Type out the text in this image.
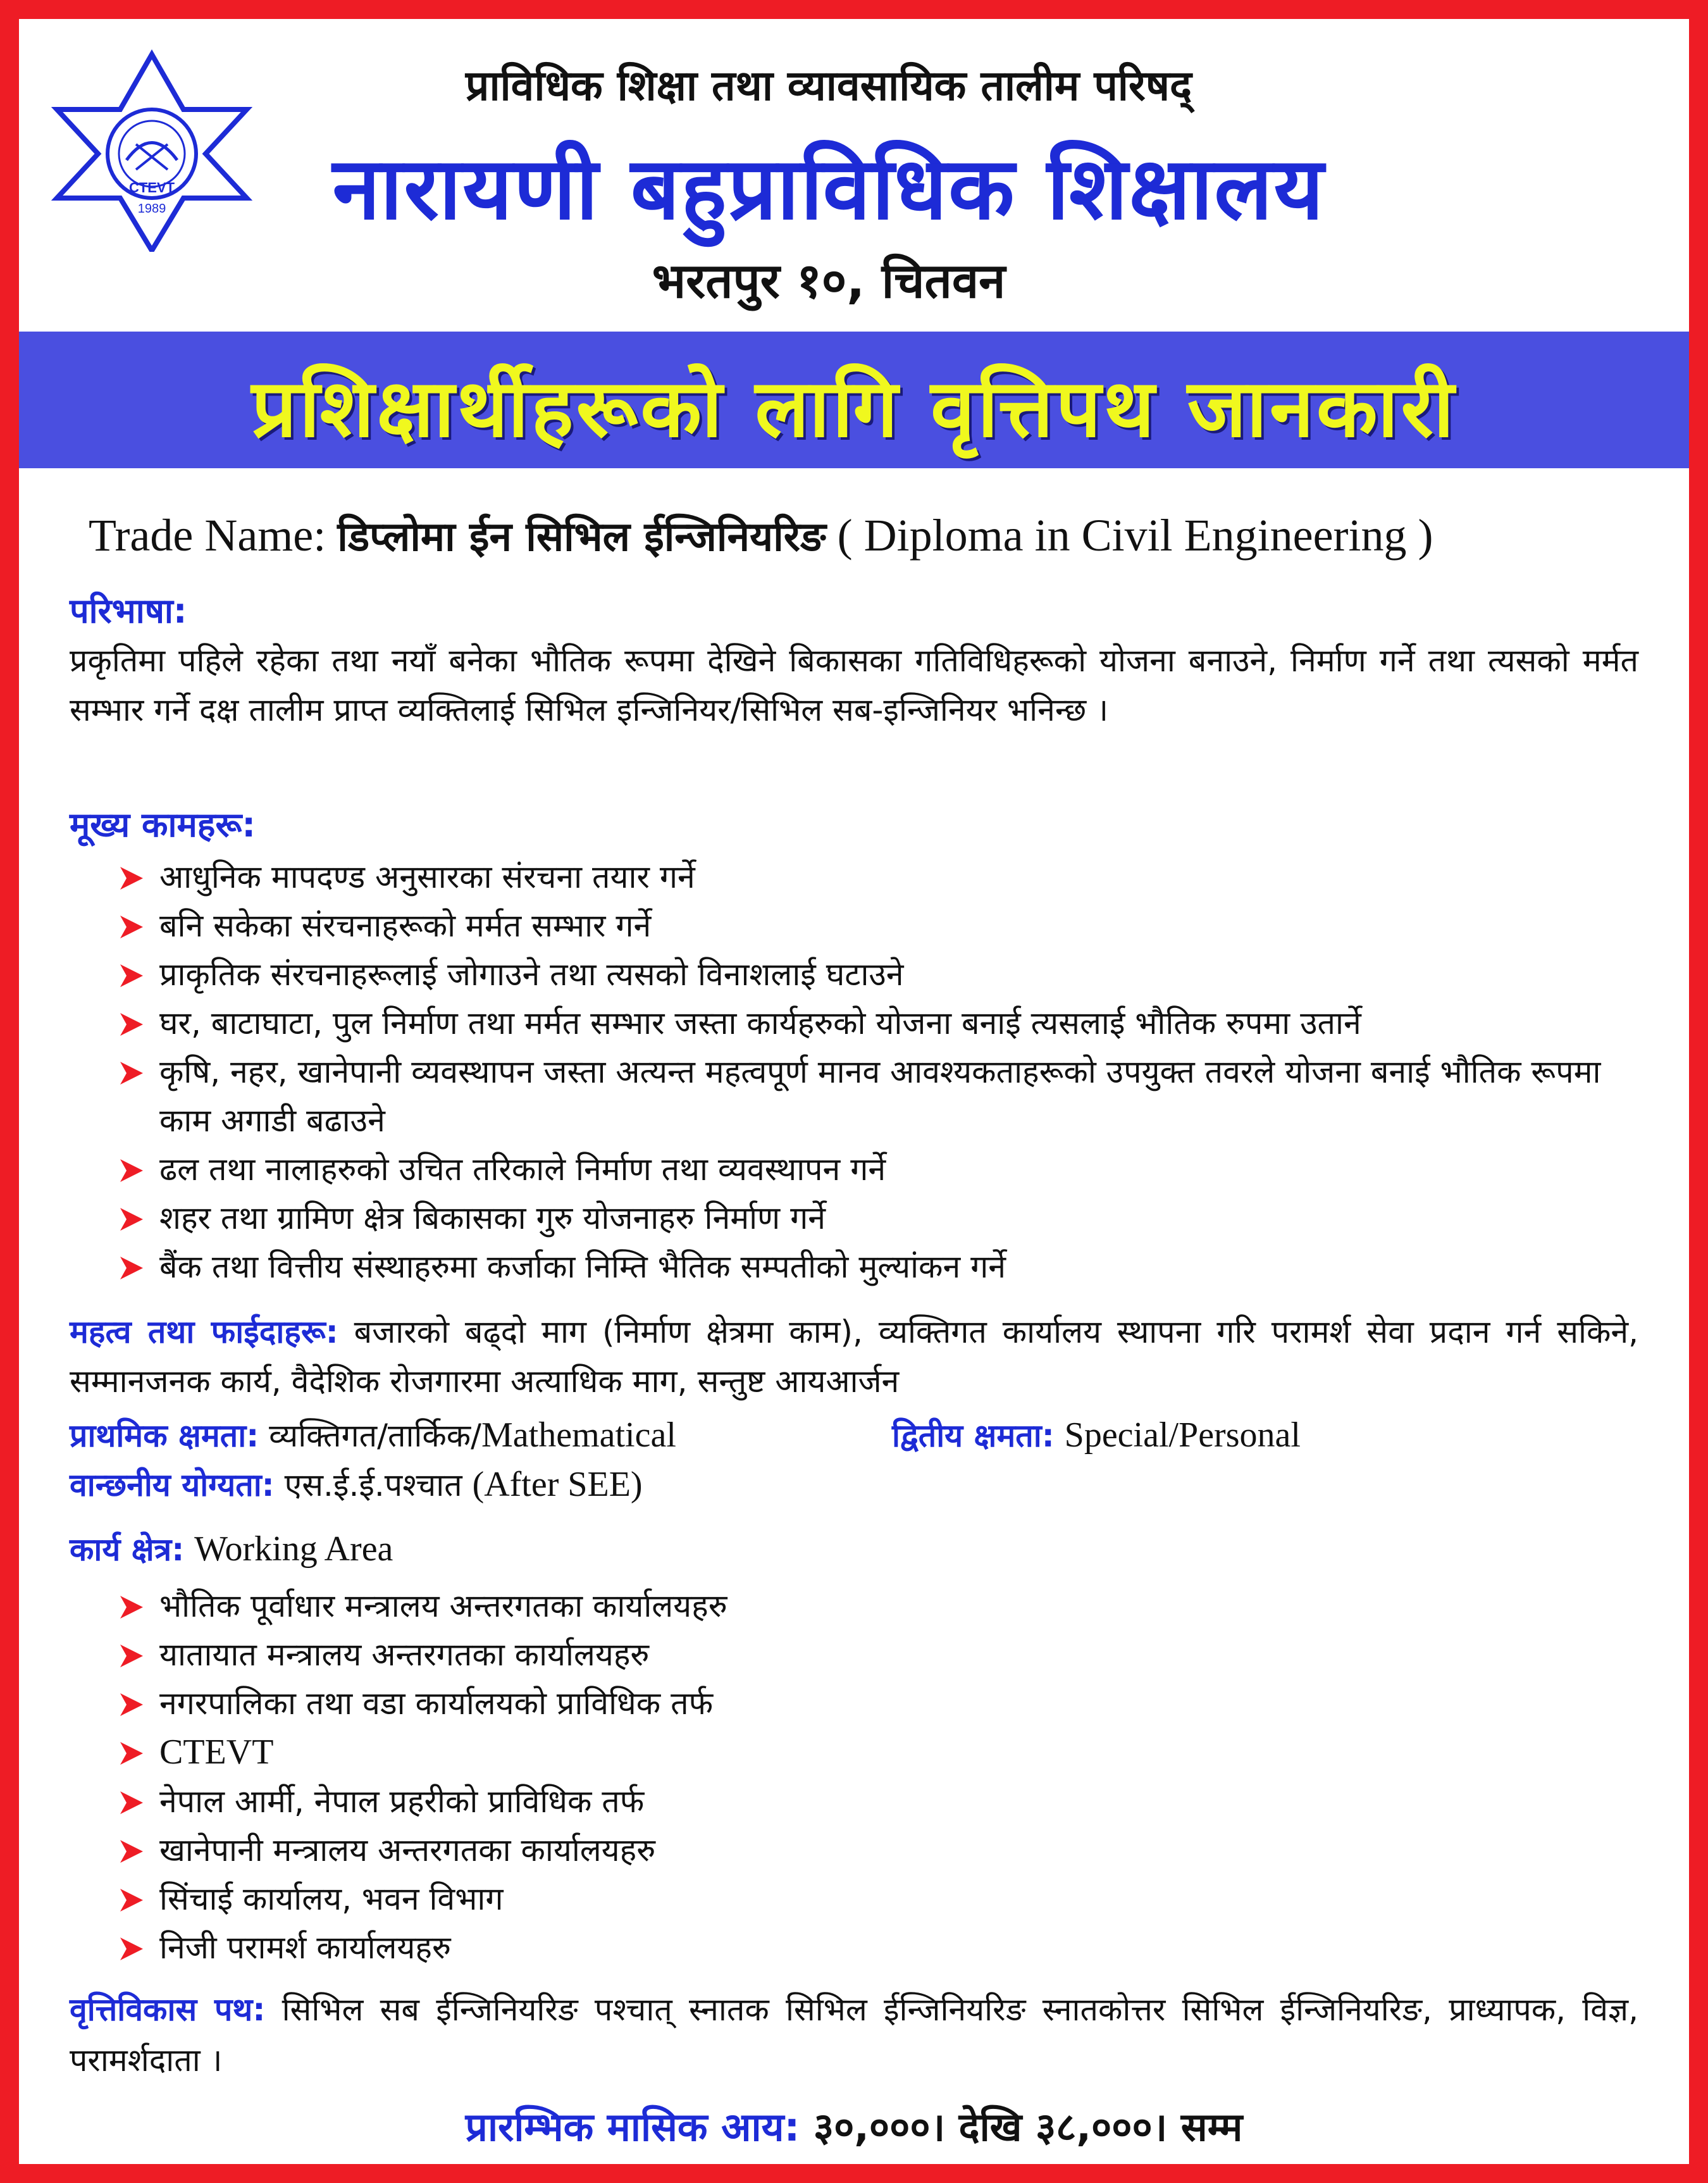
CTEVT
1989
प्राविधिक शिक्षा तथा व्यावसायिक तालीम परिषद्
नारायणी बहुप्राविधिक शिक्षालय
भरतपुर १०, चितवन
प्रशिक्षार्थीहरूको लागि वृत्तिपथ जानकारी
Trade Name: डिप्लोमा ईन सिभिल ईन्जिनियरिङ ( Diploma in Civil Engineering )
परिभाषा:
प्रकृतिमा पहिले रहेका तथा नयाँ बनेका भौतिक रूपमा देखिने बिकासका गतिविधिहरूको योजना बनाउने, निर्माण गर्ने तथा त्यसको मर्मत सम्भार गर्ने दक्ष तालीम प्राप्त व्यक्तिलाई सिभिल इन्जिनियर/सिभिल सब-इन्जिनियर भनिन्छ ।
मूख्य कामहरू:
आधुनिक मापदण्ड अनुसारका संरचना तयार गर्ने
बनि सकेका संरचनाहरूको मर्मत सम्भार गर्ने
प्राकृतिक संरचनाहरूलाई जोगाउने तथा त्यसको विनाशलाई घटाउने
घर, बाटाघाटा, पुल निर्माण तथा मर्मत सम्भार जस्ता कार्यहरुको योजना बनाई त्यसलाई भौतिक रुपमा उतार्ने
कृषि, नहर, खानेपानी व्यवस्थापन जस्ता अत्यन्त महत्वपूर्ण मानव आवश्यकताहरूको उपयुक्त तवरले योजना बनाई भौतिक रूपमा काम अगाडी बढाउने
ढल तथा नालाहरुको उचित तरिकाले निर्माण तथा व्यवस्थापन गर्ने
शहर तथा ग्रामिण क्षेत्र बिकासका गुरु योजनाहरु निर्माण गर्ने
बैंक तथा वित्तीय संस्थाहरुमा कर्जाका निम्ति भैतिक सम्पतीको मुल्यांकन गर्ने
महत्व तथा फाईदाहरू: बजारको बढ्दो माग (निर्माण क्षेत्रमा काम), व्यक्तिगत कार्यालय स्थापना गरि परामर्श सेवा प्रदान गर्न सकिने, सम्मानजनक कार्य, वैदेशिक रोजगारमा अत्याधिक माग, सन्तुष्ट आयआर्जन
प्राथमिक क्षमता: व्यक्तिगत/तार्किक/Mathematical	द्वितीय क्षमता: Special/Personal
वान्छनीय योग्यता: एस.ई.ई.पश्चात (After SEE)
कार्य क्षेत्र: Working Area
भौतिक पूर्वाधार मन्त्रालय अन्तरगतका कार्यालयहरु
यातायात मन्त्रालय अन्तरगतका कार्यालयहरु
नगरपालिका तथा वडा कार्यालयको प्राविधिक तर्फ
CTEVT
नेपाल आर्मी, नेपाल प्रहरीको प्राविधिक तर्फ
खानेपानी मन्त्रालय अन्तरगतका कार्यालयहरु
सिंचाई कार्यालय, भवन विभाग
निजी परामर्श कार्यालयहरु
वृत्तिविकास पथ: सिभिल सब ईन्जिनियरिङ पश्चात् स्नातक सिभिल ईन्जिनियरिङ स्नातकोत्तर सिभिल ईन्जिनियरिङ, प्राध्यापक, विज्ञ, परामर्शदाता ।
प्रारम्भिक मासिक आय: ३०,०००। देखि ३८,०००। सम्म
